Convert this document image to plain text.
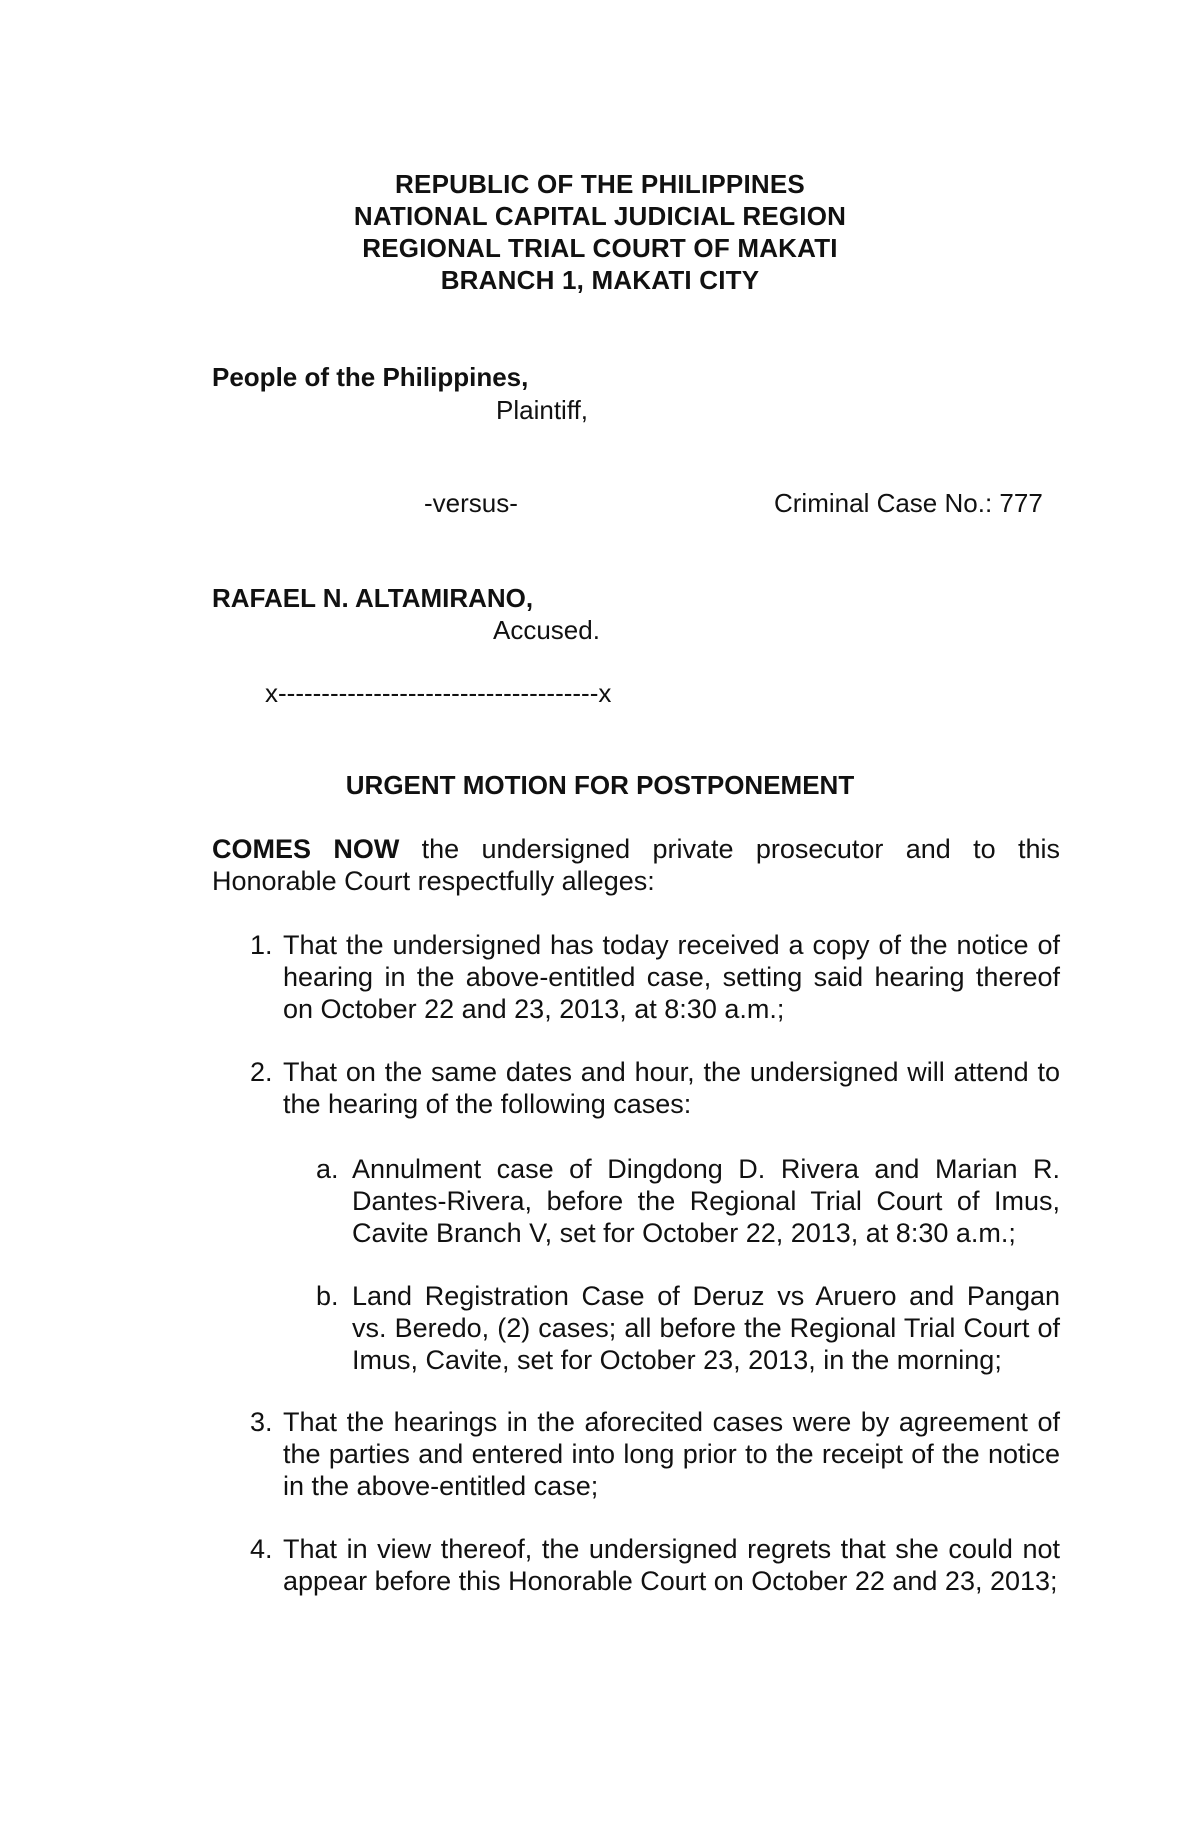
REPUBLIC OF THE PHILIPPINES
NATIONAL CAPITAL JUDICIAL REGION
REGIONAL TRIAL COURT OF MAKATI
BRANCH 1, MAKATI CITY
People of the Philippines,
Plaintiff,
-versus-	Criminal Case No.: 777
RAFAEL N. ALTAMIRANO,
Accused.
x-------------------------------------x
URGENT MOTION FOR POSTPONEMENT
COMES NOW the undersigned private prosecutor and to this Honorable Court respectfully alleges:
1. That the undersigned has today received a copy of the notice of hearing in the above-entitled case, setting said hearing thereof on October 22 and 23, 2013, at 8:30 a.m.;
2. That on the same dates and hour, the undersigned will attend to the hearing of the following cases:
a. Annulment case of Dingdong D. Rivera and Marian R. Dantes-Rivera, before the Regional Trial Court of Imus, Cavite Branch V, set for October 22, 2013, at 8:30 a.m.;
b. Land Registration Case of Deruz vs Aruero and Pangan vs. Beredo, (2) cases; all before the Regional Trial Court of Imus, Cavite, set for October 23, 2013, in the morning;
3. That the hearings in the aforecited cases were by agreement of the parties and entered into long prior to the receipt of the notice in the above-entitled case;
4. That in view thereof, the undersigned regrets that she could not appear before this Honorable Court on October 22 and 23, 2013;
